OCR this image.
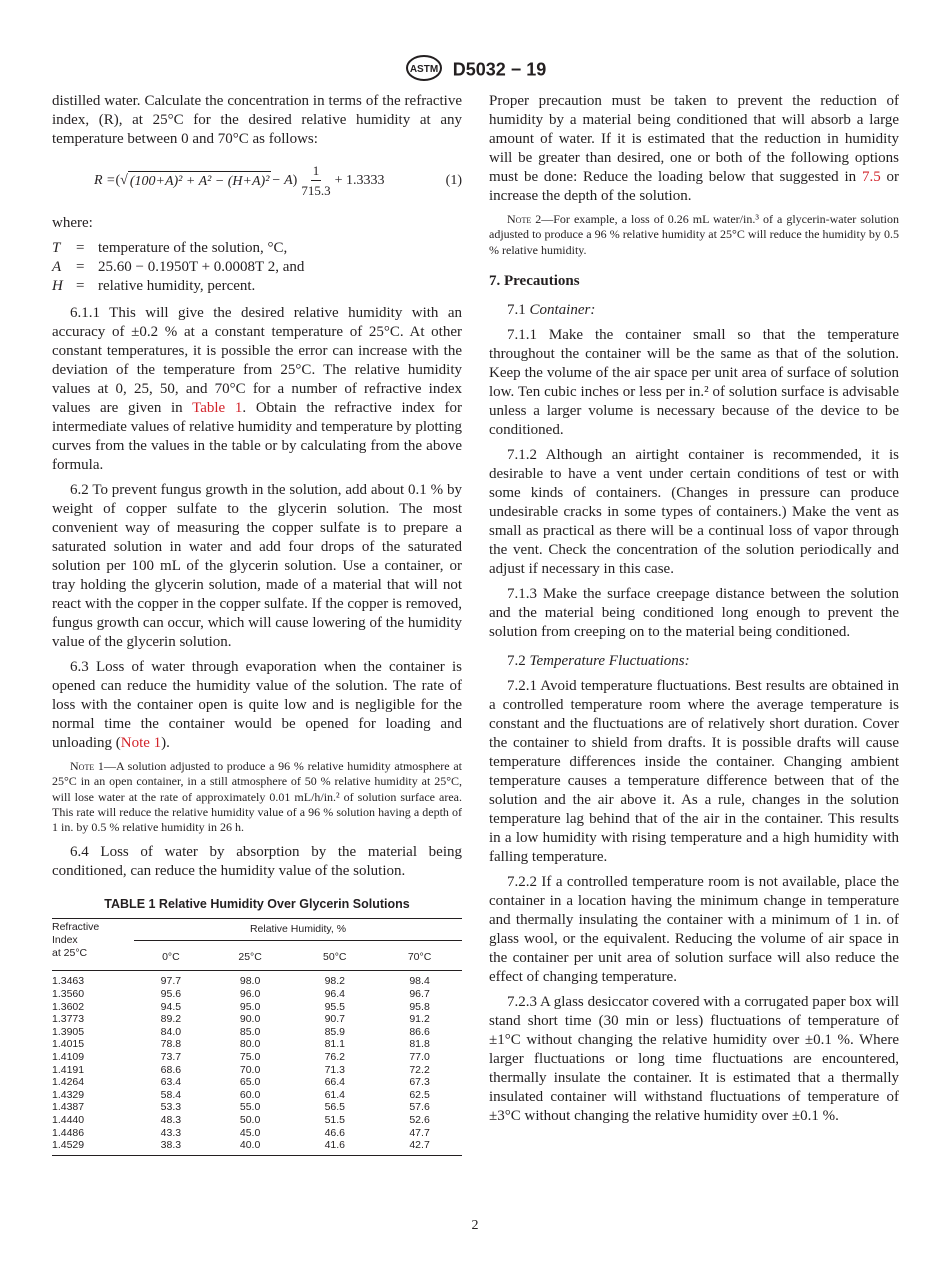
ASTM D5032 − 19

distilled water. Calculate the concentration in terms of the refractive index, (R), at 25°C for the desired relative humidity at any temperature between 0 and 70°C as follows:

R = (√ (100+A)² + A² − (H+A)² − A ) $\frac{1}{715.3} + 1.3333$	(1)

where:

T	=	temperature of the solution, °C,
A	=	25.60 − 0.1950T + 0.0008T 2, and
H	=	relative humidity, percent.

6.1.1 This will give the desired relative humidity with an accuracy of ±0.2 % at a constant temperature of 25°C. At other constant temperatures, it is possible the error can increase with the deviation of the temperature from 25°C. The relative humidity values at 0, 25, 50, and 70°C for a number of refractive index values are given in Table 1. Obtain the refractive index for intermediate values of relative humidity and temperature by plotting curves from the values in the table or by calculating from the above formula.

6.2 To prevent fungus growth in the solution, add about 0.1 % by weight of copper sulfate to the glycerin solution. The most convenient way of measuring the copper sulfate is to prepare a saturated solution in water and add four drops of the saturated solution per 100 mL of the glycerin solution. Use a container, or tray holding the glycerin solution, made of a material that will not react with the copper in the copper sulfate. If the copper is removed, fungus growth can occur, which will cause lowering of the humidity value of the glycerin solution.

6.3 Loss of water through evaporation when the container is opened can reduce the humidity value of the solution. The rate of loss with the container open is quite low and is negligible for the normal time the container would be opened for loading and unloading (Note 1).

Note 1—A solution adjusted to produce a 96 % relative humidity atmosphere at 25°C in an open container, in a still atmosphere of 50 % relative humidity at 25°C, will lose water at the rate of approximately 0.01 mL/h/in.² of solution surface area. This rate will reduce the relative humidity value of a 96 % solution having a depth of 1 in. by 0.5 % relative humidity in 26 h.

6.4 Loss of water by absorption by the material being conditioned, can reduce the humidity value of the solution.

TABLE 1 Relative Humidity Over Glycerin Solutions
Refractive
Index
at 25°C	Relative Humidity, %			
	0°C	25°C	50°C	70°C
1.3463	97.7	98.0	98.2	98.4
1.3560	95.6	96.0	96.4	96.7
1.3602	94.5	95.0	95.5	95.8
1.3773	89.2	90.0	90.7	91.2
1.3905	84.0	85.0	85.9	86.6
1.4015	78.8	80.0	81.1	81.8
1.4109	73.7	75.0	76.2	77.0
1.4191	68.6	70.0	71.3	72.2
1.4264	63.4	65.0	66.4	67.3
1.4329	58.4	60.0	61.4	62.5
1.4387	53.3	55.0	56.5	57.6
1.4440	48.3	50.0	51.5	52.6
1.4486	43.3	45.0	46.6	47.7
1.4529	38.3	40.0	41.6	42.7

Proper precaution must be taken to prevent the reduction of humidity by a material being conditioned that will absorb a large amount of water. If it is estimated that the reduction in humidity will be greater than desired, one or both of the following options must be done: Reduce the loading below that suggested in 7.5 or increase the depth of the solution.

Note 2—For example, a loss of 0.26 mL water/in.³ of a glycerin-water solution adjusted to produce a 96 % relative humidity at 25°C will reduce the humidity by 0.5 % relative humidity.

7. Precautions

7.1 Container:

7.1.1 Make the container small so that the temperature throughout the container will be the same as that of the solution. Keep the volume of the air space per unit area of surface of solution low. Ten cubic inches or less per in.² of solution surface is advisable unless a larger volume is necessary because of the device to be conditioned.

7.1.2 Although an airtight container is recommended, it is desirable to have a vent under certain conditions of test or with some kinds of containers. (Changes in pressure can produce undesirable cracks in some types of containers.) Make the vent as small as practical as there will be a continual loss of vapor through the vent. Check the concentration of the solution periodically and adjust if necessary in this case.

7.1.3 Make the surface creepage distance between the solution and the material being conditioned long enough to prevent the solution from creeping on to the material being conditioned.

7.2 Temperature Fluctuations:

7.2.1 Avoid temperature fluctuations. Best results are obtained in a controlled temperature room where the average temperature is constant and the fluctuations are of relatively short duration. Cover the container to shield from drafts. It is possible drafts will cause temperature differences inside the container. Changing ambient temperature causes a temperature difference between that of the solution and the air above it. As a rule, changes in the solution temperature lag behind that of the air in the container. This results in a low humidity with rising temperature and a high humidity with falling temperature.

7.2.2 If a controlled temperature room is not available, place the container in a location having the minimum change in temperature and thermally insulating the container with a minimum of 1 in. of glass wool, or the equivalent. Reducing the volume of air space in the container per unit area of solution surface will also reduce the effect of changing temperature.

7.2.3 A glass desiccator covered with a corrugated paper box will stand short time (30 min or less) fluctuations of temperature of ±1°C without changing the relative humidity over ±0.1 %. Where larger fluctuations or long time fluctuations are encountered, thermally insulate the container. It is estimated that a thermally insulated container will withstand fluctuations of temperature of ±3°C without changing the relative humidity over ±0.1 %.

2
